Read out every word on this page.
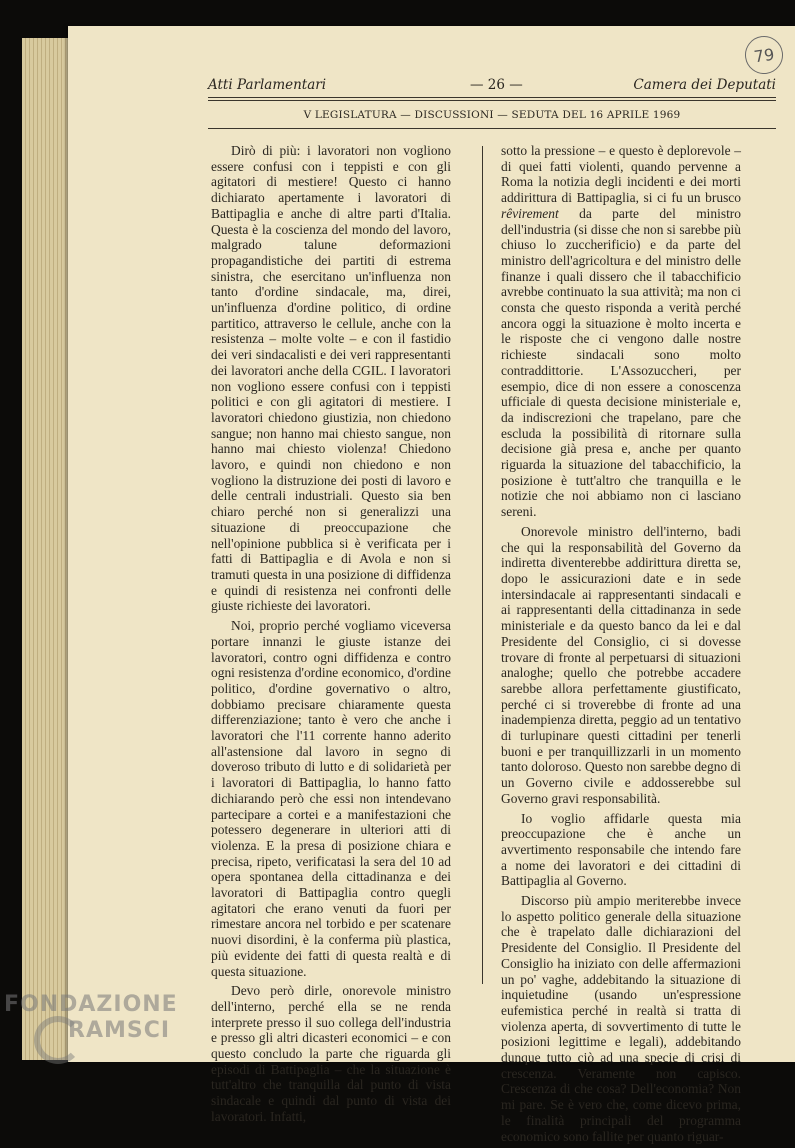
79
Atti Parlamentari	— 26 —	Camera dei Deputati
V LEGISLATURA — DISCUSSIONI — SEDUTA DEL 16 APRILE 1969

Dirò di più: i lavoratori non vogliono essere confusi con i teppisti e con gli agitatori di mestiere! Questo ci hanno dichiarato apertamente i lavoratori di Battipaglia e anche di altre parti d'Italia. Questa è la coscienza del mondo del lavoro, malgrado talune deformazioni propagandistiche dei partiti di estrema sinistra, che esercitano un'influenza non tanto d'ordine sindacale, ma, direi, un'influenza d'ordine politico, di ordine partitico, attraverso le cellule, anche con la resistenza – molte volte – e con il fastidio dei veri sindacalisti e dei veri rappresentanti dei lavoratori anche della CGIL. I lavoratori non vogliono essere confusi con i teppisti politici e con gli agitatori di mestiere. I lavoratori chiedono giustizia, non chiedono sangue; non hanno mai chiesto sangue, non hanno mai chiesto violenza! Chiedono lavoro, e quindi non chiedono e non vogliono la distruzione dei posti di lavoro e delle centrali industriali. Questo sia ben chiaro perché non si generalizzi una situazione di preoccupazione che nell'opinione pubblica si è verificata per i fatti di Battipaglia e di Avola e non si tramuti questa in una posizione di diffidenza e quindi di resistenza nei confronti delle giuste richieste dei lavoratori.

Noi, proprio perché vogliamo viceversa portare innanzi le giuste istanze dei lavoratori, contro ogni diffidenza e contro ogni resistenza d'ordine economico, d'ordine politico, d'ordine governativo o altro, dobbiamo precisare chiaramente questa differenziazione; tanto è vero che anche i lavoratori che l'11 corrente hanno aderito all'astensione dal lavoro in segno di doveroso tributo di lutto e di solidarietà per i lavoratori di Battipaglia, lo hanno fatto dichiarando però che essi non intendevano partecipare a cortei e a manifestazioni che potessero degenerare in ulteriori atti di violenza. E la presa di posizione chiara e precisa, ripeto, verificatasi la sera del 10 ad opera spontanea della cittadinanza e dei lavoratori di Battipaglia contro quegli agitatori che erano venuti da fuori per rimestare ancora nel torbido e per scatenare nuovi disordini, è la conferma più plastica, più evidente dei fatti di questa realtà e di questa situazione.

Devo però dirle, onorevole ministro dell'interno, perché ella se ne renda interprete presso il suo collega dell'industria e presso gli altri dicasteri economici – e con questo concludo la parte che riguarda gli episodi di Battipaglia – che la situazione è tutt'altro che tranquilla dal punto di vista sindacale e quindi dal punto di vista dei lavoratori. Infatti,

sotto la pressione – e questo è deplorevole – di quei fatti violenti, quando pervenne a Roma la notizia degli incidenti e dei morti addirittura di Battipaglia, si ci fu un brusco rêvirement da parte del ministro dell'industria (si disse che non si sarebbe più chiuso lo zuccherificio) e da parte del ministro dell'agricoltura e del ministro delle finanze i quali dissero che il tabacchificio avrebbe continuato la sua attività; ma non ci consta che questo risponda a verità perché ancora oggi la situazione è molto incerta e le risposte che ci vengono dalle nostre richieste sindacali sono molto contraddittorie. L'Assozuccheri, per esempio, dice di non essere a conoscenza ufficiale di questa decisione ministeriale e, da indiscrezioni che trapelano, pare che escluda la possibilità di ritornare sulla decisione già presa e, anche per quanto riguarda la situazione del tabacchificio, la posizione è tutt'altro che tranquilla e le notizie che noi abbiamo non ci lasciano sereni.

Onorevole ministro dell'interno, badi che qui la responsabilità del Governo da indiretta diventerebbe addirittura diretta se, dopo le assicurazioni date e in sede intersindacale ai rappresentanti sindacali e ai rappresentanti della cittadinanza in sede ministeriale e da questo banco da lei e dal Presidente del Consiglio, ci si dovesse trovare di fronte al perpetuarsi di situazioni analoghe; quello che potrebbe accadere sarebbe allora perfettamente giustificato, perché ci si troverebbe di fronte ad una inadempienza diretta, peggio ad un tentativo di turlupinare questi cittadini per tenerli buoni e per tranquillizzarli in un momento tanto doloroso. Questo non sarebbe degno di un Governo civile e addosserebbe sul Governo gravi responsabilità.

Io voglio affidarle questa mia preoccupazione che è anche un avvertimento responsabile che intendo fare a nome dei lavoratori e dei cittadini di Battipaglia al Governo.

Discorso più ampio meriterebbe invece lo aspetto politico generale della situazione che è trapelato dalle dichiarazioni del Presidente del Consiglio. Il Presidente del Consiglio ha iniziato con delle affermazioni un po' vaghe, addebitando la situazione di inquietudine (usando un'espressione eufemistica perché in realtà si tratta di violenza aperta, di sovvertimento di tutte le posizioni legittime e legali), addebitando dunque tutto ciò ad una specie di crisi di crescenza. Veramente non capisco. Crescenza di che cosa? Dell'economia? Non mi pare. Se è vero che, come dicevo prima, le finalità principali del programma economico sono fallite per quanto riguar-

FONDAZIONE
RAMSCI
